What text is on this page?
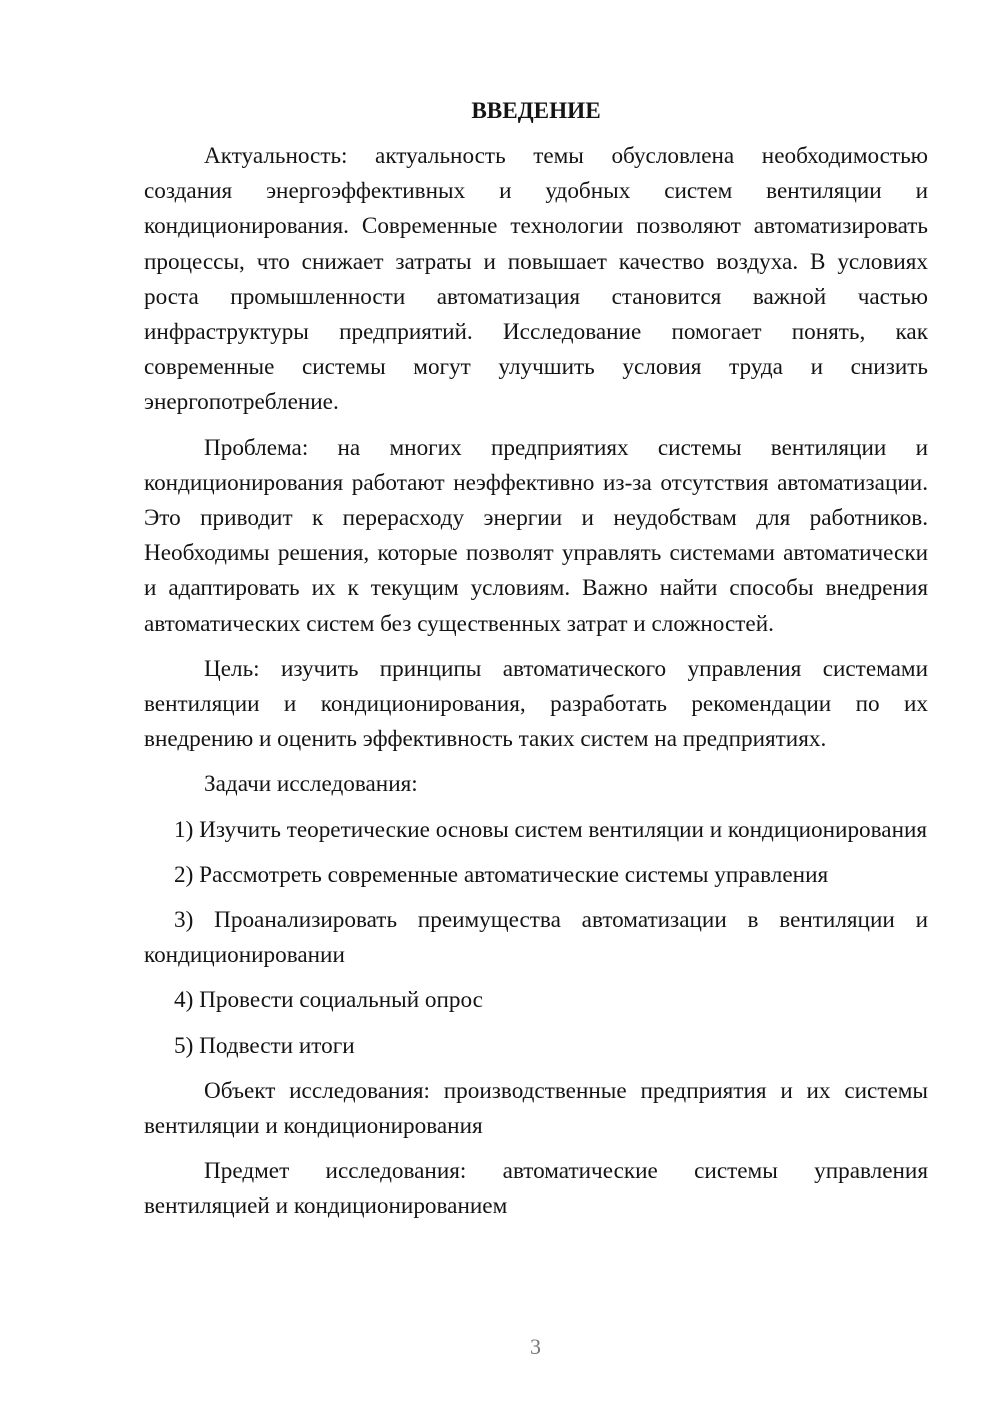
ВВЕДЕНИЕ

Актуальность: актуальность темы обусловлена необходимостью создания энергоэффективных и удобных систем вентиляции и кондиционирования. Современные технологии позволяют автоматизировать процессы, что снижает затраты и повышает качество воздуха. В условиях роста промышленности автоматизация становится важной частью инфраструктуры предприятий. Исследование помогает понять, как современные системы могут улучшить условия труда и снизить энергопотребление.

Проблема: на многих предприятиях системы вентиляции и кондиционирования работают неэффективно из-за отсутствия автоматизации. Это приводит к перерасходу энергии и неудобствам для работников. Необходимы решения, которые позволят управлять системами автоматически и адаптировать их к текущим условиям. Важно найти способы внедрения автоматических систем без существенных затрат и сложностей.

Цель: изучить принципы автоматического управления системами вентиляции и кондиционирования, разработать рекомендации по их внедрению и оценить эффективность таких систем на предприятиях.

Задачи исследования:

1) Изучить теоретические основы систем вентиляции и кондиционирования

2) Рассмотреть современные автоматические системы управления

3) Проанализировать преимущества автоматизации в вентиляции и кондиционировании

4) Провести социальный опрос

5) Подвести итоги

Объект исследования: производственные предприятия и их системы вентиляции и кондиционирования

Предмет исследования: автоматические системы управления вентиляцией и кондиционированием

3
